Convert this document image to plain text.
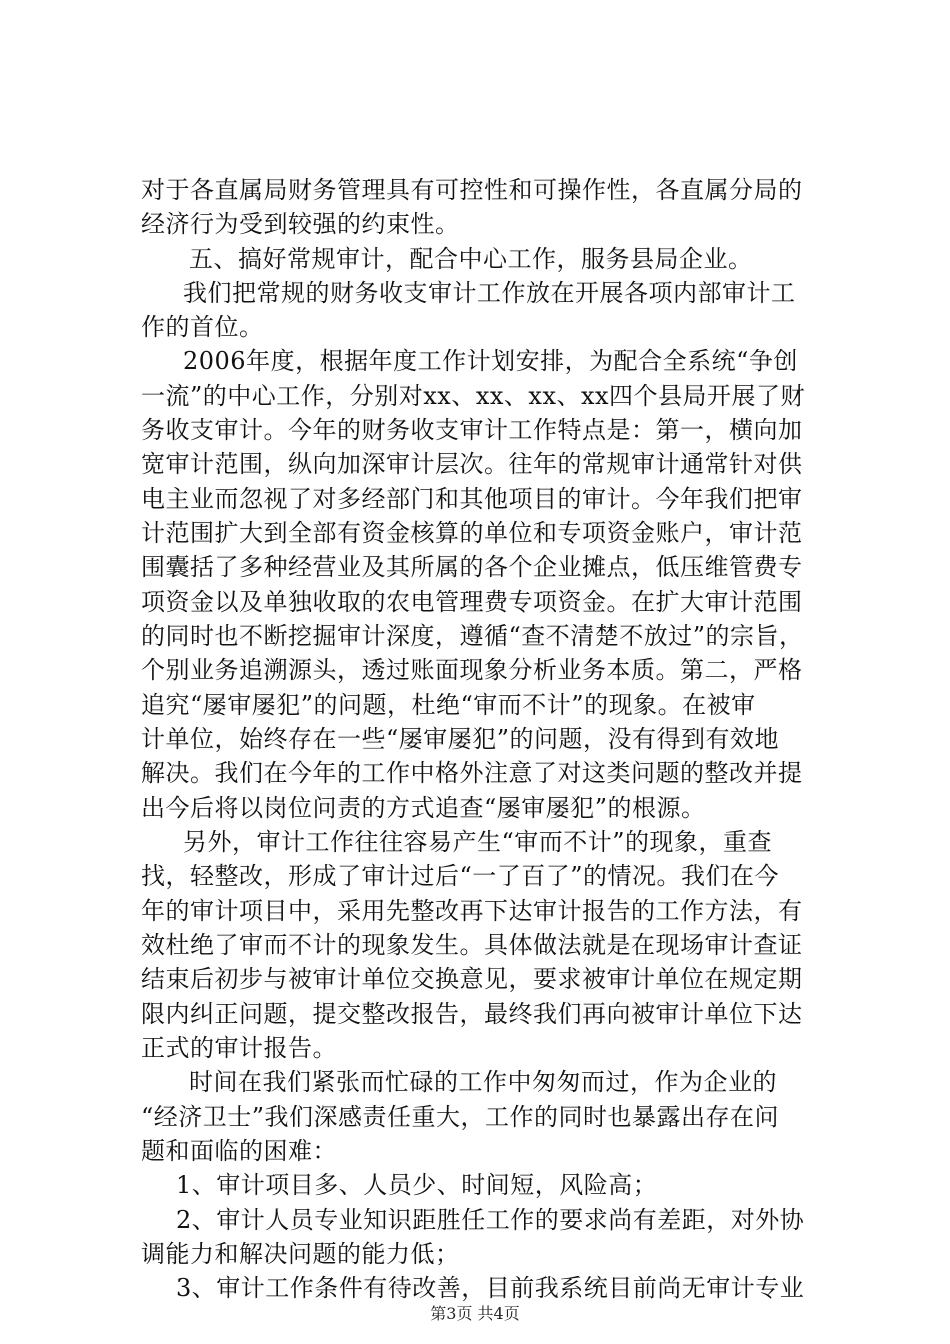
对于各直属局财务管理具有可控性和可操作性，各直属分局的
经济行为受到较强的约束性。
五、搞好常规审计，配合中心工作，服务县局企业。
我们把常规的财务收支审计工作放在开展各项内部审计工
作的首位。
2006年度，根据年度工作计划安排，为配合全系统“争创
一流”的中心工作，分别对xx、xx、xx、xx四个县局开展了财
务收支审计。今年的财务收支审计工作特点是：第一，横向加
宽审计范围，纵向加深审计层次。往年的常规审计通常针对供
电主业而忽视了对多经部门和其他项目的审计。今年我们把审
计范围扩大到全部有资金核算的单位和专项资金账户，审计范
围囊括了多种经营业及其所属的各个企业摊点，低压维管费专
项资金以及单独收取的农电管理费专项资金。在扩大审计范围
的同时也不断挖掘审计深度，遵循“查不清楚不放过”的宗旨，
个别业务追溯源头，透过账面现象分析业务本质。第二，严格
追究“屡审屡犯”的问题，杜绝“审而不计”的现象。在被审
计单位，始终存在一些“屡审屡犯”的问题，没有得到有效地
解决。我们在今年的工作中格外注意了对这类问题的整改并提
出今后将以岗位问责的方式追查“屡审屡犯”的根源。
另外，审计工作往往容易产生“审而不计”的现象，重查
找，轻整改，形成了审计过后“一了百了”的情况。我们在今
年的审计项目中，采用先整改再下达审计报告的工作方法，有
效杜绝了审而不计的现象发生。具体做法就是在现场审计查证
结束后初步与被审计单位交换意见，要求被审计单位在规定期
限内纠正问题，提交整改报告，最终我们再向被审计单位下达
正式的审计报告。
时间在我们紧张而忙碌的工作中匆匆而过，作为企业的
“经济卫士”我们深感责任重大，工作的同时也暴露出存在问
题和面临的困难：
1、审计项目多、人员少、时间短，风险高；
2、审计人员专业知识距胜任工作的要求尚有差距，对外协
调能力和解决问题的能力低；
3、审计工作条件有待改善，目前我系统目前尚无审计专业
第3页 共4页
